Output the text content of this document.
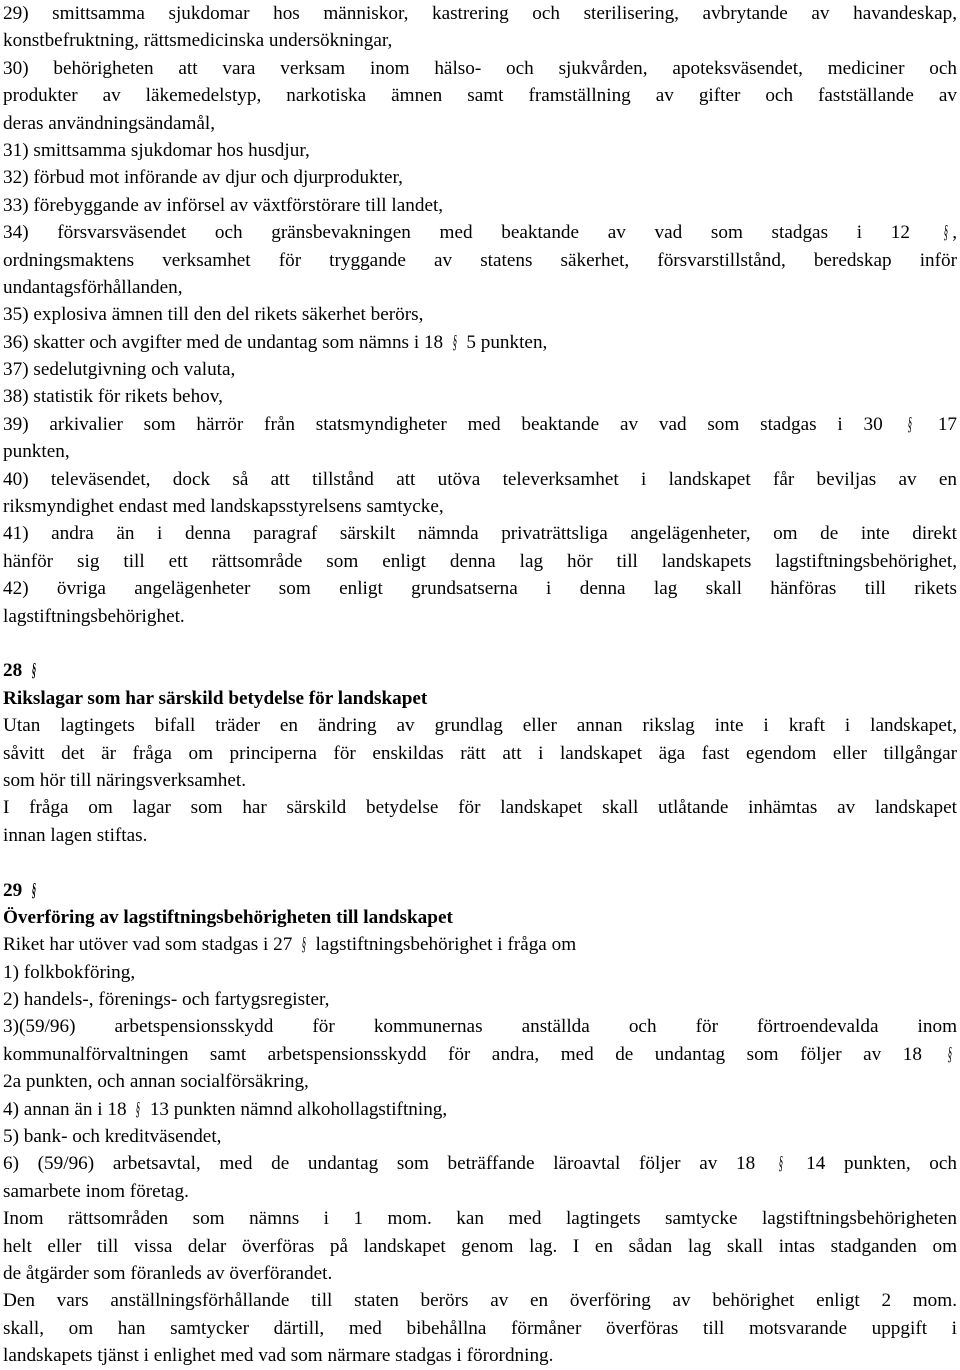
29) smittsamma sjukdomar hos människor, kastrering och sterilisering, avbrytande av havandeskap,
konstbefruktning, rättsmedicinska undersökningar,
30) behörigheten att vara verksam inom hälso- och sjukvården, apoteksväsendet, mediciner och
produkter av läkemedelstyp, narkotiska ämnen samt framställning av gifter och fastställande av
deras användningsändamål,
31) smittsamma sjukdomar hos husdjur,
32) förbud mot införande av djur och djurprodukter,
33) förebyggande av införsel av växtförstörare till landet,
34) försvarsväsendet och gränsbevakningen med beaktande av vad som stadgas i 12 § ,
ordningsmaktens verksamhet för tryggande av statens säkerhet, försvarstillstånd, beredskap inför
undantagsförhållanden,
35) explosiva ämnen till den del rikets säkerhet berörs,
36) skatter och avgifter med de undantag som nämns i 18 § 5 punkten,
37) sedelutgivning och valuta,
38) statistik för rikets behov,
39) arkivalier som härrör från statsmyndigheter med beaktande av vad som stadgas i 30 § 17
punkten,
40) televäsendet, dock så att tillstånd att utöva televerksamhet i landskapet får beviljas av en
riksmyndighet endast med landskapsstyrelsens samtycke,
41) andra än i denna paragraf särskilt nämnda privaträttsliga angelägenheter, om de inte direkt
hänför sig till ett rättsområde som enligt denna lag hör till landskapets lagstiftningsbehörighet,
42) övriga angelägenheter som enligt grundsatserna i denna lag skall hänföras till rikets
lagstiftningsbehörighet.
28 §
Rikslagar som har särskild betydelse för landskapet
Utan lagtingets bifall träder en ändring av grundlag eller annan rikslag inte i kraft i landskapet,
såvitt det är fråga om principerna för enskildas rätt att i landskapet äga fast egendom eller tillgångar
som hör till näringsverksamhet.
I fråga om lagar som har särskild betydelse för landskapet skall utlåtande inhämtas av landskapet
innan lagen stiftas.
29 §
Överföring av lagstiftningsbehörigheten till landskapet
Riket har utöver vad som stadgas i 27 § lagstiftningsbehörighet i fråga om
1) folkbokföring,
2) handels-, förenings- och fartygsregister,
3)(59/96) arbetspensionsskydd för kommunernas anställda och för förtroendevalda inom
kommunalförvaltningen samt arbetspensionsskydd för andra, med de undantag som följer av 18 §
2a punkten, och annan socialförsäkring,
4) annan än i 18 § 13 punkten nämnd alkohollagstiftning,
5) bank- och kreditväsendet,
6) (59/96) arbetsavtal, med de undantag som beträffande läroavtal följer av 18 § 14 punkten, och
samarbete inom företag.
Inom rättsområden som nämns i 1 mom. kan med lagtingets samtycke lagstiftningsbehörigheten
helt eller till vissa delar överföras på landskapet genom lag. I en sådan lag skall intas stadganden om
de åtgärder som föranleds av överförandet.
Den vars anställningsförhållande till staten berörs av en överföring av behörighet enligt 2 mom.
skall, om han samtycker därtill, med bibehållna förmåner överföras till motsvarande uppgift i
landskapets tjänst i enlighet med vad som närmare stadgas i förordning.
